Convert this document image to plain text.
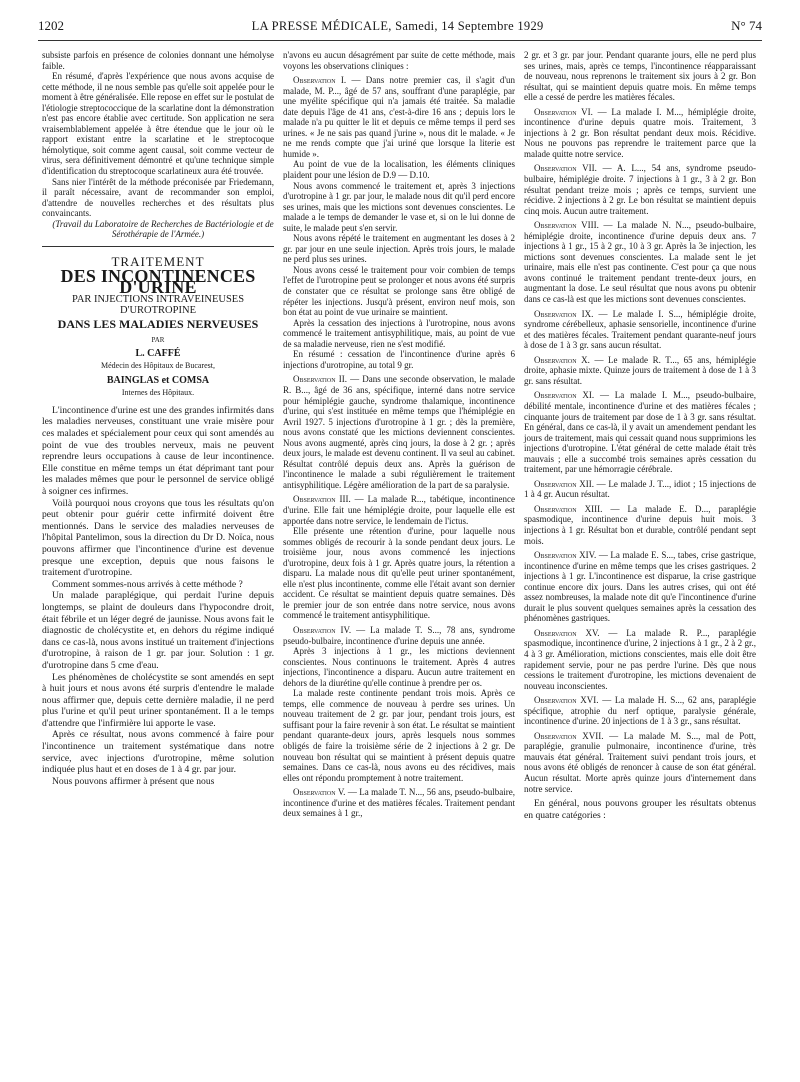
1202	LA PRESSE MÉDICALE, Samedi, 14 Septembre 1929	N° 74

subsiste parfois en présence de colonies donnant une hémolyse faible.

En résumé, d'après l'expérience que nous avons acquise de cette méthode, il ne nous semble pas qu'elle soit appelée pour le moment à être généralisée. Elle repose en effet sur le postulat de l'étiologie streptococcique de la scarlatine dont la démonstration n'est pas encore établie avec certitude. Son application ne sera vraisemblablement appelée à être étendue que le jour où le rapport existant entre la scarlatine et le streptocoque hémolytique, soit comme agent causal, soit comme vecteur de virus, sera définitivement démontré et qu'une technique simple d'identification du streptocoque scarlatineux aura été trouvée.

Sans nier l'intérêt de la méthode préconisée par Friedemann, il paraît nécessaire, avant de recommander son emploi, d'attendre de nouvelles recherches et des résultats plus convaincants.

(Travail du Laboratoire de Recherches de Bactériologie et de Sérothérapie de l'Armée.)

TRAITEMENT
DES INCONTINENCES D'URINE
PAR INJECTIONS INTRAVEINEUSES
D'UROTROPINE
DANS LES MALADIES NERVEUSES
PAR
L. CAFFÉ
Médecin des Hôpitaux de Bucarest,
BAINGLAS et COMSA
Internes des Hôpitaux.

L'incontinence d'urine est une des grandes infirmités dans les maladies nerveuses, constituant une vraie misère pour ces malades et spécialement pour ceux qui sont amendés au point de vue des troubles nerveux, mais ne peuvent reprendre leurs occupations à cause de leur incontinence. Elle constitue en même temps un état déprimant tant pour les malades mêmes que pour le personnel de service obligé à soigner ces infirmes.

Voilà pourquoi nous croyons que tous les résultats qu'on peut obtenir pour guérir cette infirmité doivent être mentionnés. Dans le service des maladies nerveuses de l'hôpital Pantelimon, sous la direction du Dr D. Noïca, nous pouvons affirmer que l'incontinence d'urine est devenue presque une exception, depuis que nous faisons le traitement d'urotropine.

Comment sommes-nous arrivés à cette méthode ?

Un malade paraplégique, qui perdait l'urine depuis longtemps, se plaint de douleurs dans l'hypocondre droit, était fébrile et un léger degré de jaunisse. Nous avons fait le diagnostic de cholécystite et, en dehors du régime indiqué dans ce cas-là, nous avons institué un traitement d'injections d'urotropine, à raison de 1 gr. par jour. Solution : 1 gr. d'urotropine dans 5 cme d'eau.

Les phénomènes de cholécystite se sont amendés en sept à huit jours et nous avons été surpris d'entendre le malade nous affirmer que, depuis cette dernière maladie, il ne perd plus l'urine et qu'il peut uriner spontanément. Il a le temps d'attendre que l'infirmière lui apporte le vase.

Après ce résultat, nous avons commencé à faire pour l'incontinence un traitement systématique dans notre service, avec injections d'urotropine, même solution indiquée plus haut et en doses de 1 à 4 gr. par jour.

Nous pouvons affirmer à présent que nous

n'avons eu aucun désagrément par suite de cette méthode, mais voyons les observations cliniques :

Observation I. — Dans notre premier cas, il s'agit d'un malade, M. P..., âgé de 57 ans, souffrant d'une paraplégie, par une myélite spécifique qui n'a jamais été traitée. Sa maladie date depuis l'âge de 41 ans, c'est-à-dire 16 ans ; depuis lors le malade n'a pu quitter le lit et depuis ce même temps il perd ses urines. « Je ne sais pas quand j'urine », nous dit le malade. « Je ne me rends compte que j'ai uriné que lorsque la literie est humide ».

Au point de vue de la localisation, les éléments cliniques plaident pour une lésion de D.9 — D.10.

Nous avons commencé le traitement et, après 3 injections d'urotropine à 1 gr. par jour, le malade nous dit qu'il perd encore ses urines, mais que les mictions sont devenues conscientes. Le malade a le temps de demander le vase et, si on le lui donne de suite, le malade peut s'en servir.

Nous avons répété le traitement en augmentant les doses à 2 gr. par jour en une seule injection. Après trois jours, le malade ne perd plus ses urines.

Nous avons cessé le traitement pour voir combien de temps l'effet de l'urotropine peut se prolonger et nous avons été surpris de constater que ce résultat se prolonge sans être obligé de répéter les injections. Jusqu'à présent, environ neuf mois, son bon état au point de vue urinaire se maintient.

Après la cessation des injections à l'urotropine, nous avons commencé le traitement antisyphilitique, mais, au point de vue de sa maladie nerveuse, rien ne s'est modifié.

En résumé : cessation de l'incontinence d'urine après 6 injections d'urotropine, au total 9 gr.

Observation II. — Dans une seconde observation, le malade R. B..., âgé de 36 ans, spécifique, interné dans notre service pour hémiplégie gauche, syndrome thalamique, incontinence d'urine, qui s'est instituée en même temps que l'hémiplégie en Avril 1927. 5 injections d'urotropine à 1 gr. ; dès la première, nous avons constaté que les mictions deviennent conscientes. Nous avons augmenté, après cinq jours, la dose à 2 gr. ; après deux jours, le malade est devenu continent. Il va seul au cabinet. Résultat contrôlé depuis deux ans. Après la guérison de l'incontinence le malade a subi régulièrement le traitement antisyphilitique. Légère amélioration de la part de sa paralysie.

Observation III. — La malade R..., tabétique, incontinence d'urine. Elle fait une hémiplégie droite, pour laquelle elle est apportée dans notre service, le lendemain de l'ictus.

Elle présente une rétention d'urine, pour laquelle nous sommes obligés de recourir à la sonde pendant deux jours. Le troisième jour, nous avons commencé les injections d'urotropine, deux fois à 1 gr. Après quatre jours, la rétention a disparu. La malade nous dit qu'elle peut uriner spontanément, elle n'est plus incontinente, comme elle l'était avant son dernier accident. Ce résultat se maintient depuis quatre semaines. Dès le premier jour de son entrée dans notre service, nous avons commencé le traitement antisyphilitique.

Observation IV. — La malade T. S..., 78 ans, syndrome pseudo-bulbaire, incontinence d'urine depuis une année.

Après 3 injections à 1 gr., les mictions deviennent conscientes. Nous continuons le traitement. Après 4 autres injections, l'incontinence a disparu. Aucun autre traitement en dehors de la diurétine qu'elle continue à prendre per os.

La malade reste continente pendant trois mois. Après ce temps, elle commence de nouveau à perdre ses urines. Un nouveau traitement de 2 gr. par jour, pendant trois jours, est suffisant pour la faire revenir à son état. Le résultat se maintient pendant quarante-deux jours, après lesquels nous sommes obligés de faire la troisième série de 2 injections à 2 gr. De nouveau bon résultat qui se maintient à présent depuis quatre semaines. Dans ce cas-là, nous avons eu des récidives, mais elles ont répondu promptement à notre traitement.

Observation V. — La malade T. N..., 56 ans, pseudo-bulbaire, incontinence d'urine et des matières fécales. Traitement pendant deux semaines à 1 gr.,

2 gr. et 3 gr. par jour. Pendant quarante jours, elle ne perd plus ses urines, mais, après ce temps, l'incontinence réapparaissant de nouveau, nous reprenons le traitement six jours à 2 gr. Bon résultat, qui se maintient depuis quatre mois. En même temps elle a cessé de perdre les matières fécales.

Observation VI. — La malade I. M..., hémiplégie droite, incontinence d'urine depuis quatre mois. Traitement, 3 injections à 2 gr. Bon résultat pendant deux mois. Récidive. Nous ne pouvons pas reprendre le traitement parce que la malade quitte notre service.

Observation VII. — A. L..., 54 ans, syndrome pseudo-bulbaire, hémiplégie droite. 7 injections à 1 gr., 3 à 2 gr. Bon résultat pendant treize mois ; après ce temps, survient une récidive. 2 injections à 2 gr. Le bon résultat se maintient depuis cinq mois. Aucun autre traitement.

Observation VIII. — La malade N. N..., pseudo-bulbaire, hémiplégie droite, incontinence d'urine depuis deux ans. 7 injections à 1 gr., 15 à 2 gr., 10 à 3 gr. Après la 3e injection, les mictions sont devenues conscientes. La malade sent le jet urinaire, mais elle n'est pas continente. C'est pour ça que nous avons continué le traitement pendant trente-deux jours, en augmentant la dose. Le seul résultat que nous avons pu obtenir dans ce cas-là est que les mictions sont devenues conscientes.

Observation IX. — Le malade I. S..., hémiplégie droite, syndrome cérébelleux, aphasie sensorielle, incontinence d'urine et des matières fécales. Traitement pendant quarante-neuf jours à dose de 1 à 3 gr. sans aucun résultat.

Observation X. — Le malade R. T..., 65 ans, hémiplégie droite, aphasie mixte. Quinze jours de traitement à dose de 1 à 3 gr. sans résultat.

Observation XI. — La malade I. M..., pseudo-bulbaire, débilité mentale, incontinence d'urine et des matières fécales ; cinquante jours de traitement par dose de 1 à 3 gr. sans résultat. En général, dans ce cas-là, il y avait un amendement pendant les jours de traitement, mais qui cessait quand nous supprimions les injections d'urotropine. L'état général de cette malade était très mauvais ; elle a succombé trois semaines après cessation du traitement, par une hémorragie cérébrale.

Observation XII. — Le malade J. T..., idiot ; 15 injections de 1 à 4 gr. Aucun résultat.

Observation XIII. — La malade E. D..., paraplégie spasmodique, incontinence d'urine depuis huit mois. 3 injections à 1 gr. Résultat bon et durable, contrôlé pendant sept mois.

Observation XIV. — La malade E. S..., tabes, crise gastrique, incontinence d'urine en même temps que les crises gastriques. 2 injections à 1 gr. L'incontinence est disparue, la crise gastrique continue encore dix jours. Dans les autres crises, qui ont été assez nombreuses, la malade note dit qu'e l'incontinence d'urine durait le plus souvent quelques semaines après la cessation des phénomènes gastriques.

Observation XV. — La malade R. P..., paraplégie spasmodique, incontinence d'urine, 2 injections à 1 gr., 2 à 2 gr., 4 à 3 gr. Amélioration, mictions conscientes, mais elle doit être rapidement servie, pour ne pas perdre l'urine. Dès que nous cessions le traitement d'urotropine, les mictions devenaient de nouveau inconscientes.

Observation XVI. — La malade H. S..., 62 ans, paraplégie spécifique, atrophie du nerf optique, paralysie générale, incontinence d'urine. 20 injections de 1 à 3 gr., sans résultat.

Observation XVII. — La malade M. S..., mal de Pott, paraplégie, granulie pulmonaire, incontinence d'urine, très mauvais état général. Traitement suivi pendant trois jours, et nous avons été obligés de renoncer à cause de son état général. Aucun résultat. Morte après quinze jours d'internement dans notre service.

En général, nous pouvons grouper les résultats obtenus en quatre catégories :
